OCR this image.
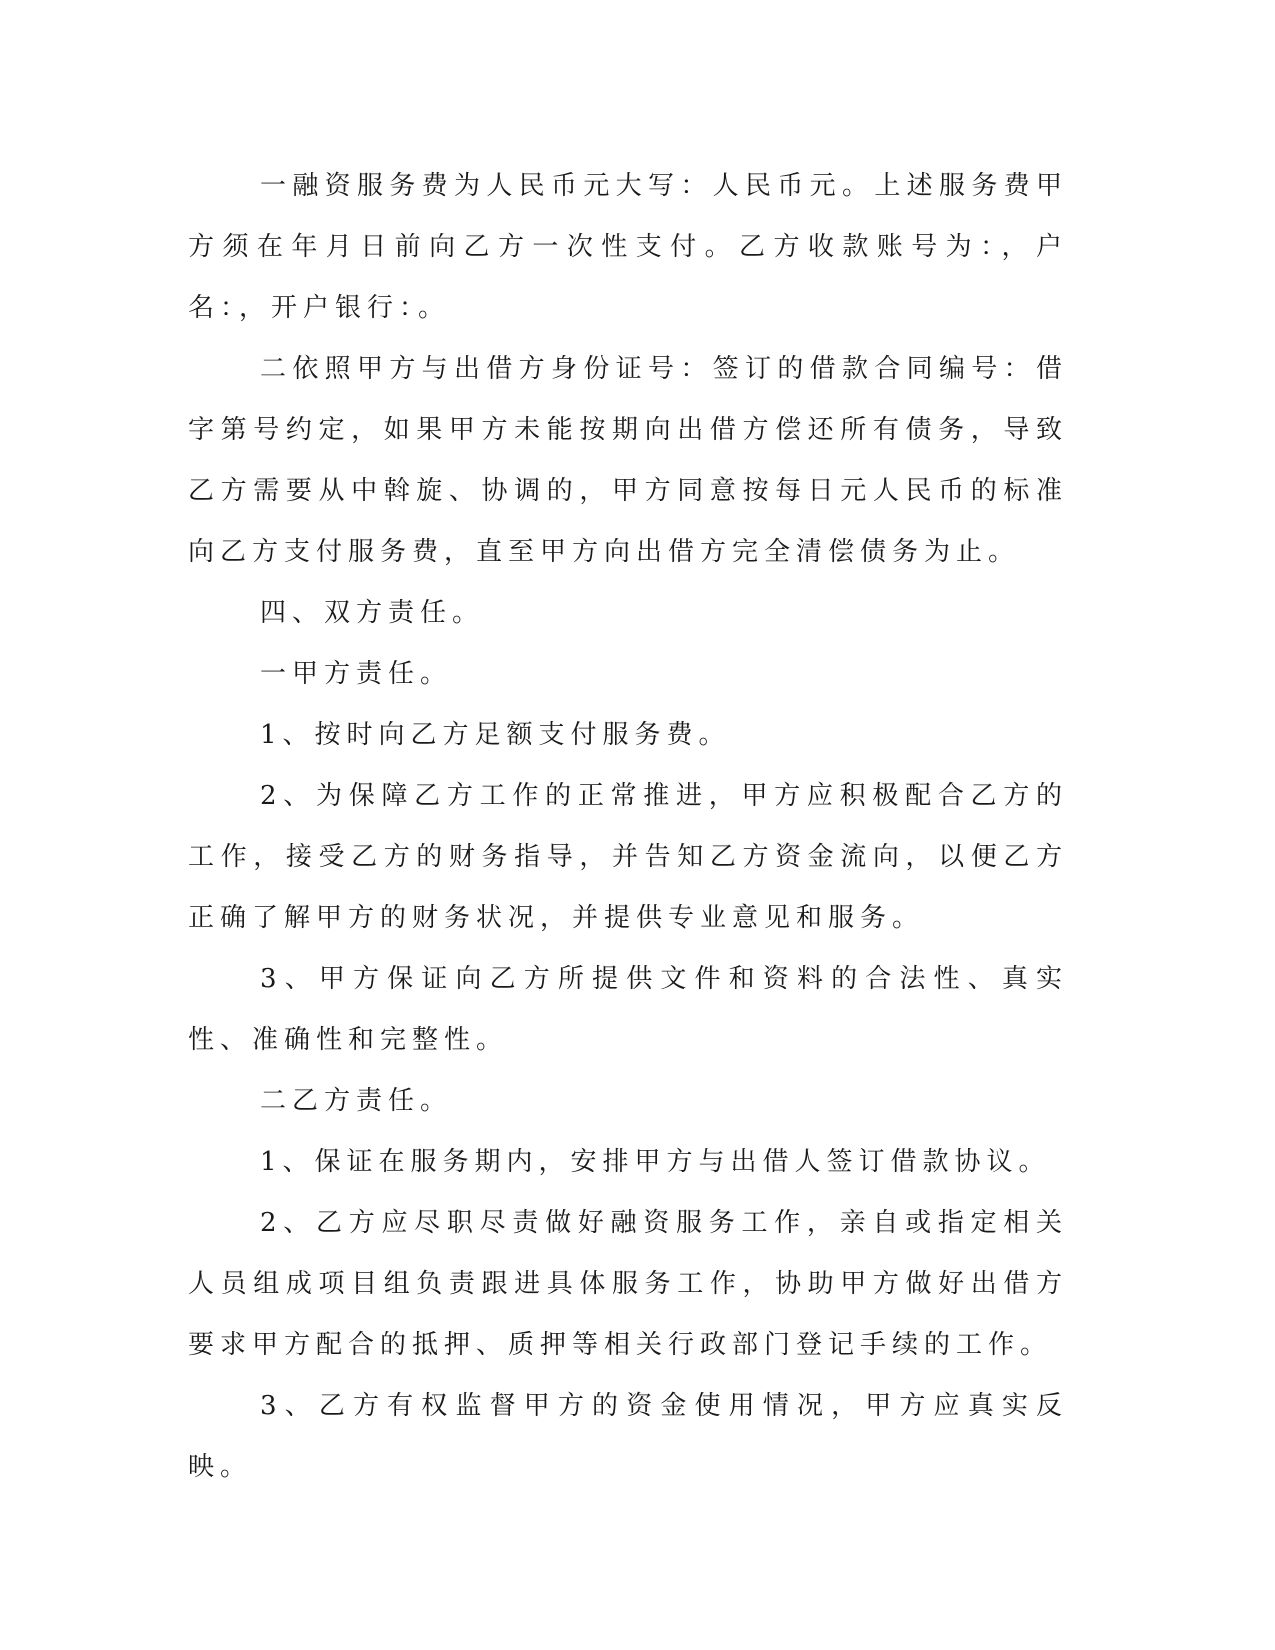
一融资服务费为人民币元大写：人民币元。上述服务费甲方须在年月日前向乙方一次性支付。乙方收款账号为：，户名：，开户银行：。

二依照甲方与出借方身份证号：签订的借款合同编号：借字第号约定，如果甲方未能按期向出借方偿还所有债务，导致乙方需要从中斡旋、协调的，甲方同意按每日元人民币的标准向乙方支付服务费，直至甲方向出借方完全清偿债务为止。

四、双方责任。

一甲方责任。

1、按时向乙方足额支付服务费。

2、为保障乙方工作的正常推进，甲方应积极配合乙方的工作，接受乙方的财务指导，并告知乙方资金流向，以便乙方正确了解甲方的财务状况，并提供专业意见和服务。

3、甲方保证向乙方所提供文件和资料的合法性、真实性、准确性和完整性。

二乙方责任。

1、保证在服务期内，安排甲方与出借人签订借款协议。

2、乙方应尽职尽责做好融资服务工作，亲自或指定相关人员组成项目组负责跟进具体服务工作，协助甲方做好出借方要求甲方配合的抵押、质押等相关行政部门登记手续的工作。

3、乙方有权监督甲方的资金使用情况，甲方应真实反映。
